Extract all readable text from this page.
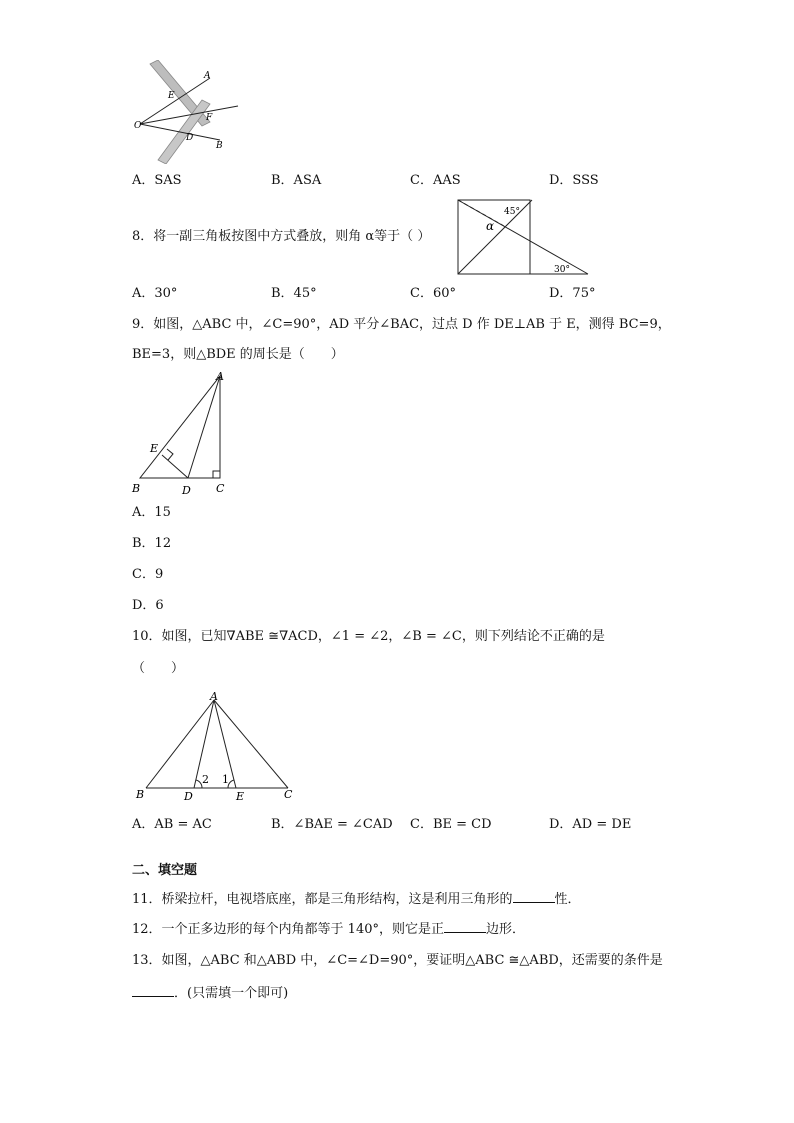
A
E
O
F
D
B
A．SAS	B．ASA	C．AAS	D．SSS
8．将一副三角板按图中方式叠放，则角 α等于（ ）
45°
α
30°
A．30°	B．45°	C．60°	D．75°
9．如图，△ABC 中，∠C=90°，AD 平分∠BAC，过点 D 作 DE⊥AB 于 E，测得 BC=9，
BE=3，则△BDE 的周长是（　　）
A
E
B	D C
A．15
B．12
C．9
D．6
10．如图，已知∇ABE ≅∇ACD，∠1 = ∠2，∠B = ∠C，则下列结论不正确的是
（　　）
A
2 1
B	D	E	C
A．AB = AC	B．∠BAE = ∠CAD C．BE = CD	D．AD = DE
二、填空题
11．桥梁拉杆，电视塔底座，都是三角形结构，这是利用三角形的	性．
12．一个正多边形的每个内角都等于 140°，则它是正	边形．
13．如图，△ABC 和△ABD 中，∠C=∠D=90°，要证明△ABC ≅△ABD，还需要的条件是
．(只需填一个即可)
